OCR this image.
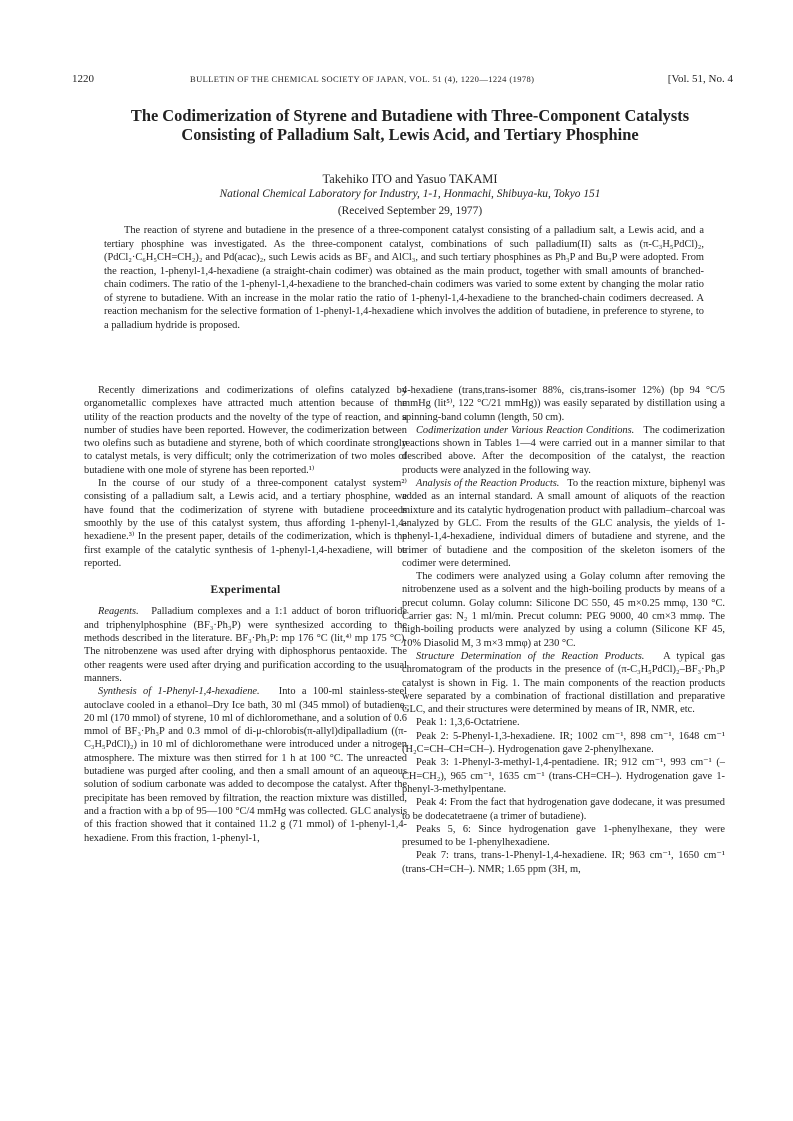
1220	BULLETIN OF THE CHEMICAL SOCIETY OF JAPAN, VOL. 51 (4), 1220—1224 (1978)	[Vol. 51, No. 4
The Codimerization of Styrene and Butadiene with Three-Component Catalysts Consisting of Palladium Salt, Lewis Acid, and Tertiary Phosphine
Takehiko ITO and Yasuo TAKAMI
National Chemical Laboratory for Industry, 1-1, Honmachi, Shibuya-ku, Tokyo 151
(Received September 29, 1977)

The reaction of styrene and butadiene in the presence of a three-component catalyst consisting of a palladium salt, a Lewis acid, and a tertiary phosphine was investigated. As the three-component catalyst, combinations of such palladium(II) salts as (π-C₃H₅PdCl)₂, (PdCl₂·C₆H₅CH=CH₂)₂ and Pd(acac)₂, such Lewis acids as BF₃ and AlCl₃, and such tertiary phosphines as Ph₃P and Bu₃P were adopted. From the reaction, 1-phenyl-1,4-hexadiene (a straight-chain codimer) was obtained as the main product, together with small amounts of branched-chain codimers. The ratio of the 1-phenyl-1,4-hexadiene to the branched-chain codimers was varied to some extent by changing the molar ratio of styrene to butadiene. With an increase in the molar ratio the ratio of 1-phenyl-1,4-hexadiene to the branched-chain codimers decreased. A reaction mechanism for the selective formation of 1-phenyl-1,4-hexadiene which involves the addition of butadiene, in preference to styrene, to a palladium hydride is proposed.

Recently dimerizations and codimerizations of olefins catalyzed by organometallic complexes have attracted much attention because of the utility of the reaction products and the novelty of the type of reaction, and a number of studies have been reported. However, the codimerization between two olefins such as butadiene and styrene, both of which coordinate strongly to catalyst metals, is very difficult; only the cotrimerization of two moles of butadiene with one mole of styrene has been reported.¹⁾

In the course of our study of a three-component catalyst system²⁾ consisting of a palladium salt, a Lewis acid, and a tertiary phosphine, we have found that the codimerization of styrene with butadiene proceeds smoothly by the use of this catalyst system, thus affording 1-phenyl-1,4-hexadiene.³⁾ In the present paper, details of the codimerization, which is the first example of the catalytic synthesis of 1-phenyl-1,4-hexadiene, will be reported.

Experimental

Reagents. Palladium complexes and a 1:1 adduct of boron trifluoride and triphenylphosphine (BF₃·Ph₃P) were synthesized according to the methods described in the literature. BF₃·Ph₃P: mp 176 °C (lit,⁴⁾ mp 175 °C). The nitrobenzene was used after drying with diphosphorus pentaoxide. The other reagents were used after drying and purification according to the usual manners.

Synthesis of 1-Phenyl-1,4-hexadiene. Into a 100-ml stainless-steel autoclave cooled in a ethanol–Dry Ice bath, 30 ml (345 mmol) of butadiene, 20 ml (170 mmol) of styrene, 10 ml of dichloromethane, and a solution of 0.6 mmol of BF₃·Ph₃P and 0.3 mmol of di-μ-chlorobis(π-allyl)dipalladium ((π-C₃H₅PdCl)₂) in 10 ml of dichloromethane were introduced under a nitrogen atmosphere. The mixture was then stirred for 1 h at 100 °C. The unreacted butadiene was purged after cooling, and then a small amount of an aqueous solution of sodium carbonate was added to decompose the catalyst. After the precipitate has been removed by filtration, the reaction mixture was distilled, and a fraction with a bp of 95—100 °C/4 mmHg was collected. GLC analysis of this fraction showed that it contained 11.2 g (71 mmol) of 1-phenyl-1,4-hexadiene. From this fraction, 1-phenyl-1,

4-hexadiene (trans,trans-isomer 88%, cis,trans-isomer 12%) (bp 94 °C/5 mmHg (lit⁵⁾, 122 °C/21 mmHg)) was easily separated by distillation using a spinning-band column (length, 50 cm).

Codimerization under Various Reaction Conditions. The codimerization reactions shown in Tables 1—4 were carried out in a manner similar to that described above. After the decomposition of the catalyst, the reaction products were analyzed in the following way.

Analysis of the Reaction Products. To the reaction mixture, biphenyl was added as an internal standard. A small amount of aliquots of the reaction mixture and its catalytic hydrogenation product with palladium–charcoal was analyzed by GLC. From the results of the GLC analysis, the yields of 1-phenyl-1,4-hexadiene, individual dimers of butadiene and styrene, and the trimer of butadiene and the composition of the skeleton isomers of the codimer were determined.

The codimers were analyzed using a Golay column after removing the nitrobenzene used as a solvent and the high-boiling products by means of a precut column. Golay column: Silicone DC 550, 45 m×0.25 mmφ, 130 °C. Carrier gas: N₂ 1 ml/min. Precut column: PEG 9000, 40 cm×3 mmφ. The high-boiling products were analyzed by using a column (Silicone KF 45, 10% Diasolid M, 3 m×3 mmφ) at 230 °C.

Structure Determination of the Reaction Products. A typical gas chromatogram of the products in the presence of (π-C₃H₅PdCl)₂–BF₃·Ph₃P catalyst is shown in Fig. 1. The main components of the reaction products were separated by a combination of fractional distillation and preparative GLC, and their structures were determined by means of IR, NMR, etc.

Peak 1: 1,3,6-Octatriene.

Peak 2: 5-Phenyl-1,3-hexadiene. IR; 1002 cm⁻¹, 898 cm⁻¹, 1648 cm⁻¹ (H₂C=CH–CH=CH–). Hydrogenation gave 2-phenylhexane.

Peak 3: 1-Phenyl-3-methyl-1,4-pentadiene. IR; 912 cm⁻¹, 993 cm⁻¹ (–CH=CH₂), 965 cm⁻¹, 1635 cm⁻¹ (trans-CH=CH–). Hydrogenation gave 1-phenyl-3-methylpentane.

Peak 4: From the fact that hydrogenation gave dodecane, it was presumed to be dodecatetraene (a trimer of butadiene).

Peaks 5, 6: Since hydrogenation gave 1-phenylhexane, they were presumed to be 1-phenylhexadiene.

Peak 7: trans, trans-1-Phenyl-1,4-hexadiene. IR; 963 cm⁻¹, 1650 cm⁻¹ (trans-CH=CH–). NMR; 1.65 ppm (3H, m,
